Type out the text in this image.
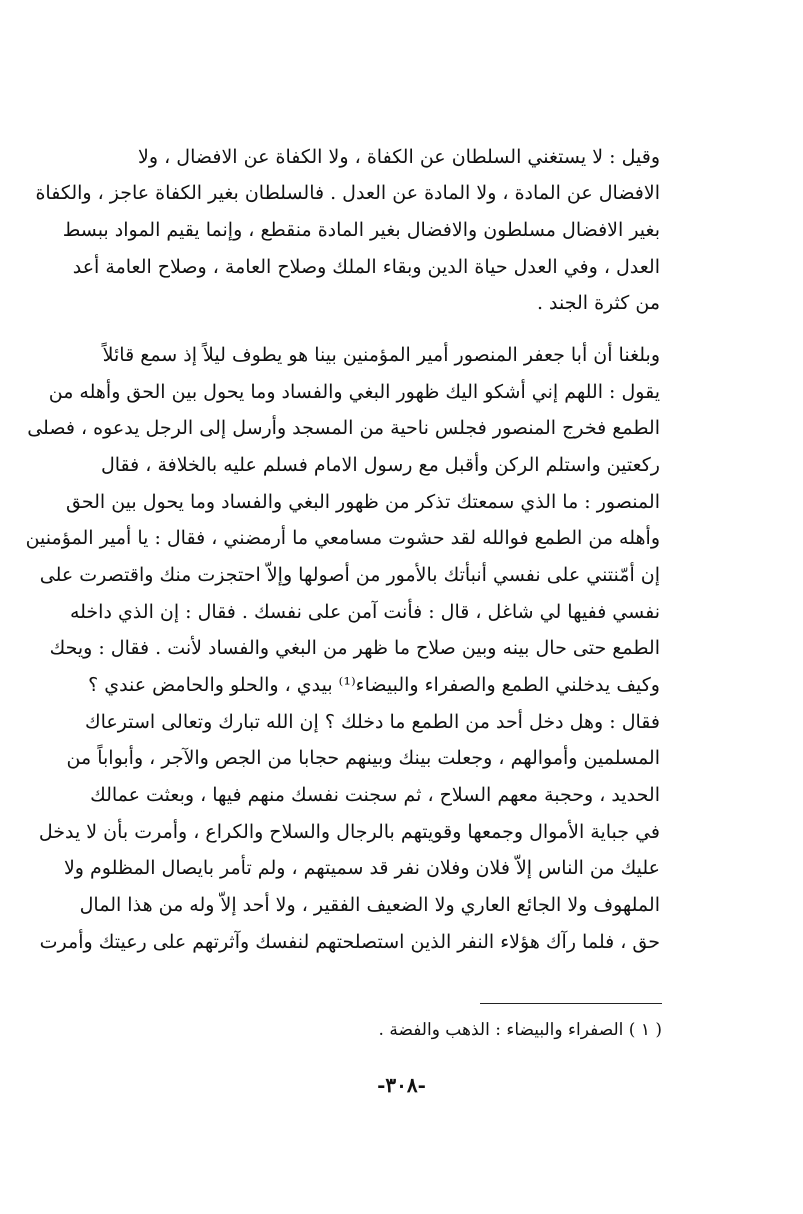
وقيل : لا يستغني السلطان عن الكفاة ، ولا الكفاة عن الافضال ، ولا
الافضال عن المادة ، ولا المادة عن العدل . فالسلطان بغير الكفاة عاجز ، والكفاة
بغير الافضال مسلطون والافضال بغير المادة منقطع ، وإنما يقيم المواد ببسط
العدل ، وفي العدل حياة الدين وبقاء الملك وصلاح العامة ، وصلاح العامة أعد
من كثرة الجند .
وبلغنا أن أبا جعفر المنصور أمير المؤمنين بينا هو يطوف ليلاً إذ سمع قائلاً
يقول : اللهم إني أشكو اليك ظهور البغي والفساد وما يحول بين الحق وأهله من
الطمع فخرج المنصور فجلس ناحية من المسجد وأرسل إلى الرجل يدعوه ، فصلى
ركعتين واستلم الركن وأقبل مع رسول الامام فسلم عليه بالخلافة ، فقال
المنصور : ما الذي سمعتك تذكر من ظهور البغي والفساد وما يحول بين الحق
وأهله من الطمع فوالله لقد حشوت مسامعي ما أرمضني ، فقال : يا أمير المؤمنين
إن أمّنتني على نفسي أنبأتك بالأمور من أصولها وإلاّ احتجزت منك واقتصرت على
نفسي ففيها لي شاغل ، قال : فأنت آمن على نفسك . فقال : إن الذي داخله
الطمع حتى حال بينه وبين صلاح ما ظهر من البغي والفساد لأنت . فقال : ويحك
وكيف يدخلني الطمع والصفراء والبيضاء⁽¹⁾ بيدي ، والحلو والحامض عندي ؟
فقال : وهل دخل أحد من الطمع ما دخلك ؟ إن الله تبارك وتعالى استرعاك
المسلمين وأموالهم ، وجعلت بينك وبينهم حجابا من الجص والآجر ، وأبواباً من
الحديد ، وحجبة معهم السلاح ، ثم سجنت نفسك منهم فيها ، وبعثت عمالك
في جباية الأموال وجمعها وقويتهم بالرجال والسلاح والكراع ، وأمرت بأن لا يدخل
عليك من الناس إلاّ فلان وفلان نفر قد سميتهم ، ولم تأمر بايصال المظلوم ولا
الملهوف ولا الجائع العاري ولا الضعيف الفقير ، ولا أحد إلاّ وله من هذا المال
حق ، فلما رآك هؤلاء النفر الذين استصلحتهم لنفسك وآثرتهم على رعيتك وأمرت
( ١ ) الصفراء والبيضاء : الذهب والفضة .
-٣٠٨-
